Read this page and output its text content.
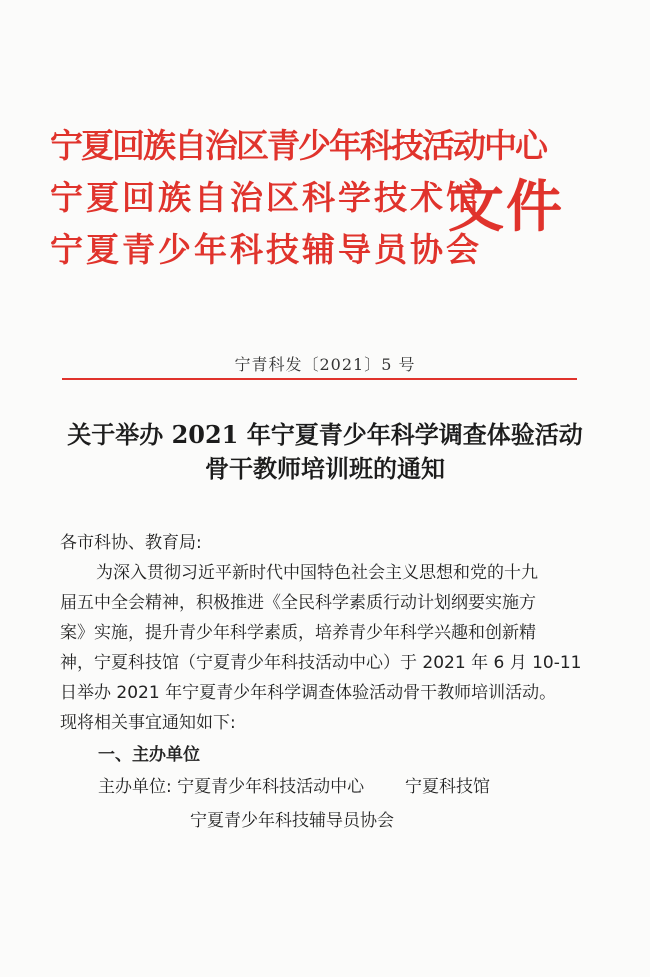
宁夏回族自治区青少年科技活动中心
宁夏回族自治区科学技术馆
宁夏青少年科技辅导员协会
文件
宁青科发〔2021〕5 号
关于举办 2021 年宁夏青少年科学调查体验活动
骨干教师培训班的通知
各市科协、教育局:
为深入贯彻习近平新时代中国特色社会主义思想和党的十九
届五中全会精神，积极推进《全民科学素质行动计划纲要实施方
案》实施，提升青少年科学素质，培养青少年科学兴趣和创新精
神，宁夏科技馆（宁夏青少年科技活动中心）于 2021 年 6 月 10-11
日举办 2021 年宁夏青少年科学调查体验活动骨干教师培训活动。
现将相关事宜通知如下:
一、主办单位
主办单位: 宁夏青少年科技活动中心 宁夏科技馆
宁夏青少年科技辅导员协会
